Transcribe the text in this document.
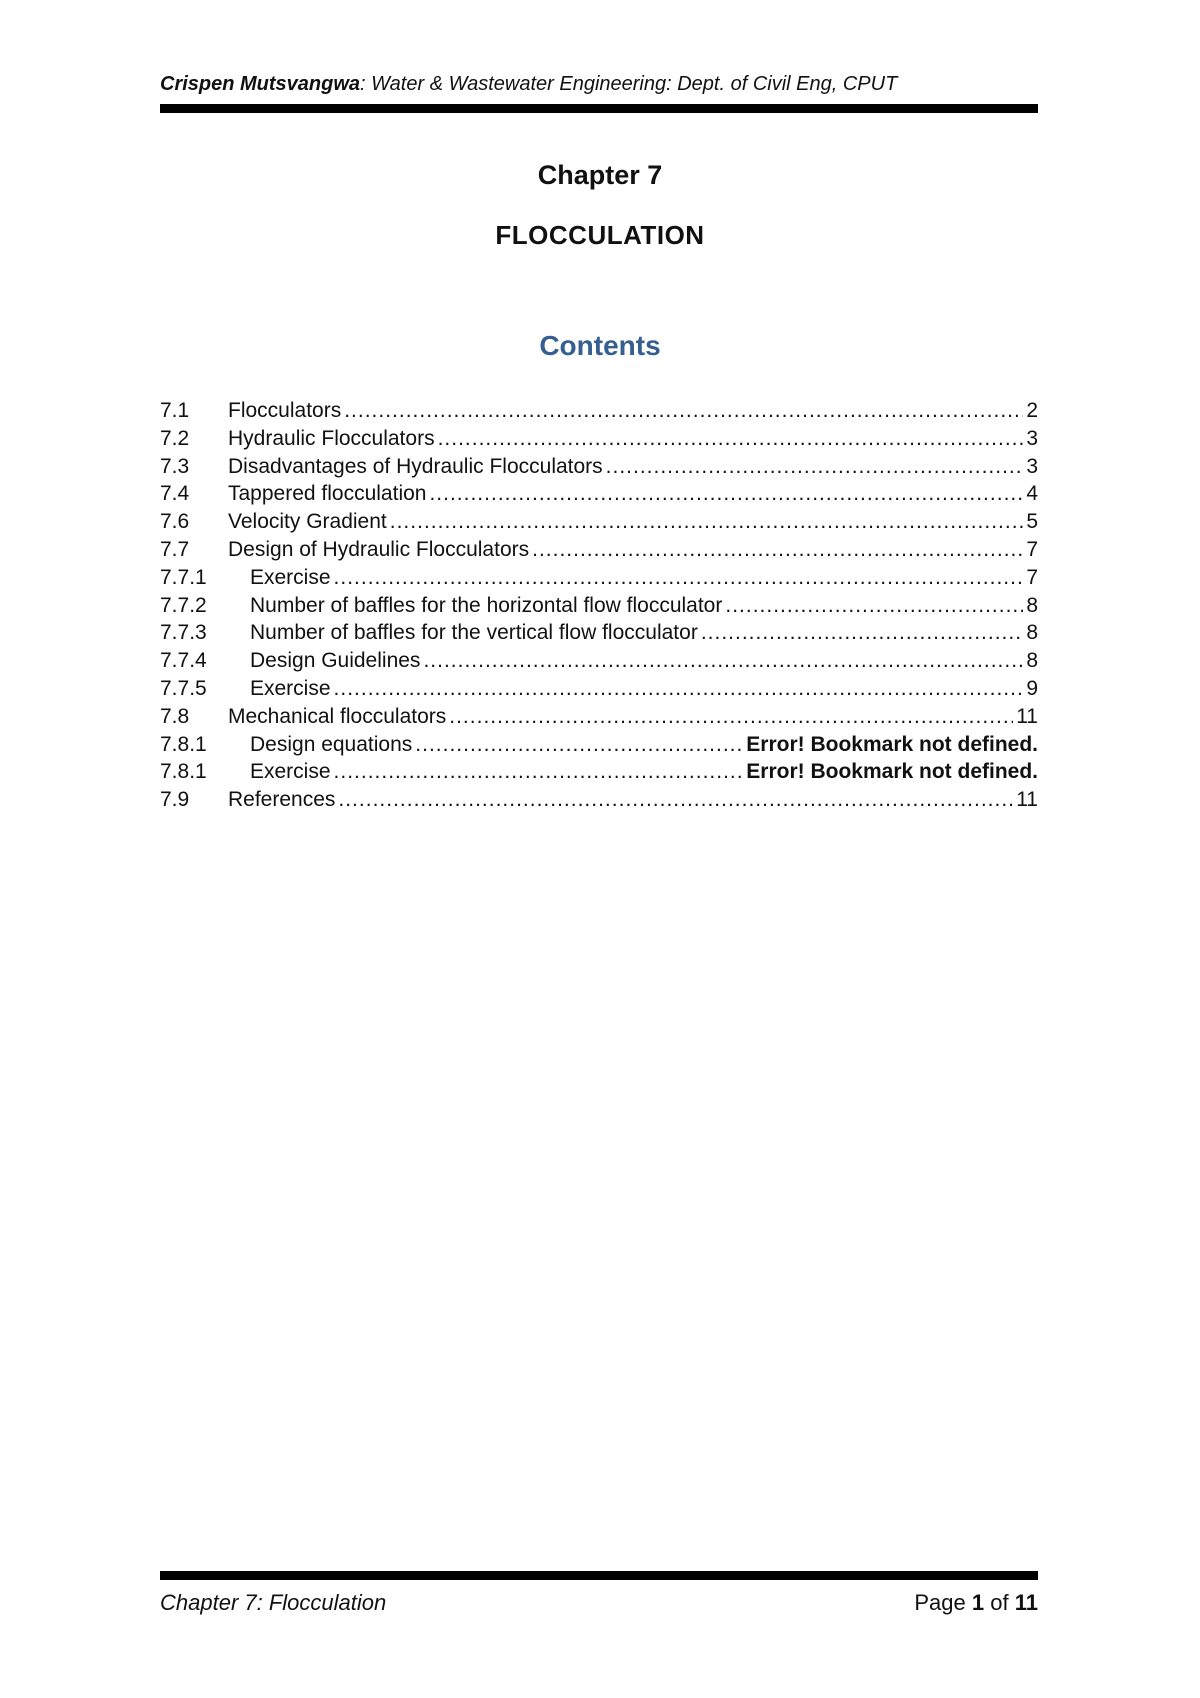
Crispen Mutsvangwa: Water & Wastewater Engineering: Dept. of Civil Eng, CPUT
Chapter 7
FLOCCULATION
Contents
7.1	Flocculators .....	2
7.2	Hydraulic Flocculators .....	3
7.3	Disadvantages of Hydraulic Flocculators .....	3
7.4	Tappered flocculation .....	4
7.6	Velocity Gradient .....	5
7.7	Design of Hydraulic Flocculators .....	7
7.7.1	Exercise .....	7
7.7.2	Number of baffles for the horizontal flow flocculator .....	8
7.7.3	Number of baffles for the vertical flow flocculator .....	8
7.7.4	Design Guidelines .....	8
7.7.5	Exercise .....	9
7.8	Mechanical flocculators .....	11
7.8.1	Design equations .....	Error! Bookmark not defined.
7.8.1	Exercise .....	Error! Bookmark not defined.
7.9	References .....	11
Chapter 7: Flocculation	Page 1 of 11
